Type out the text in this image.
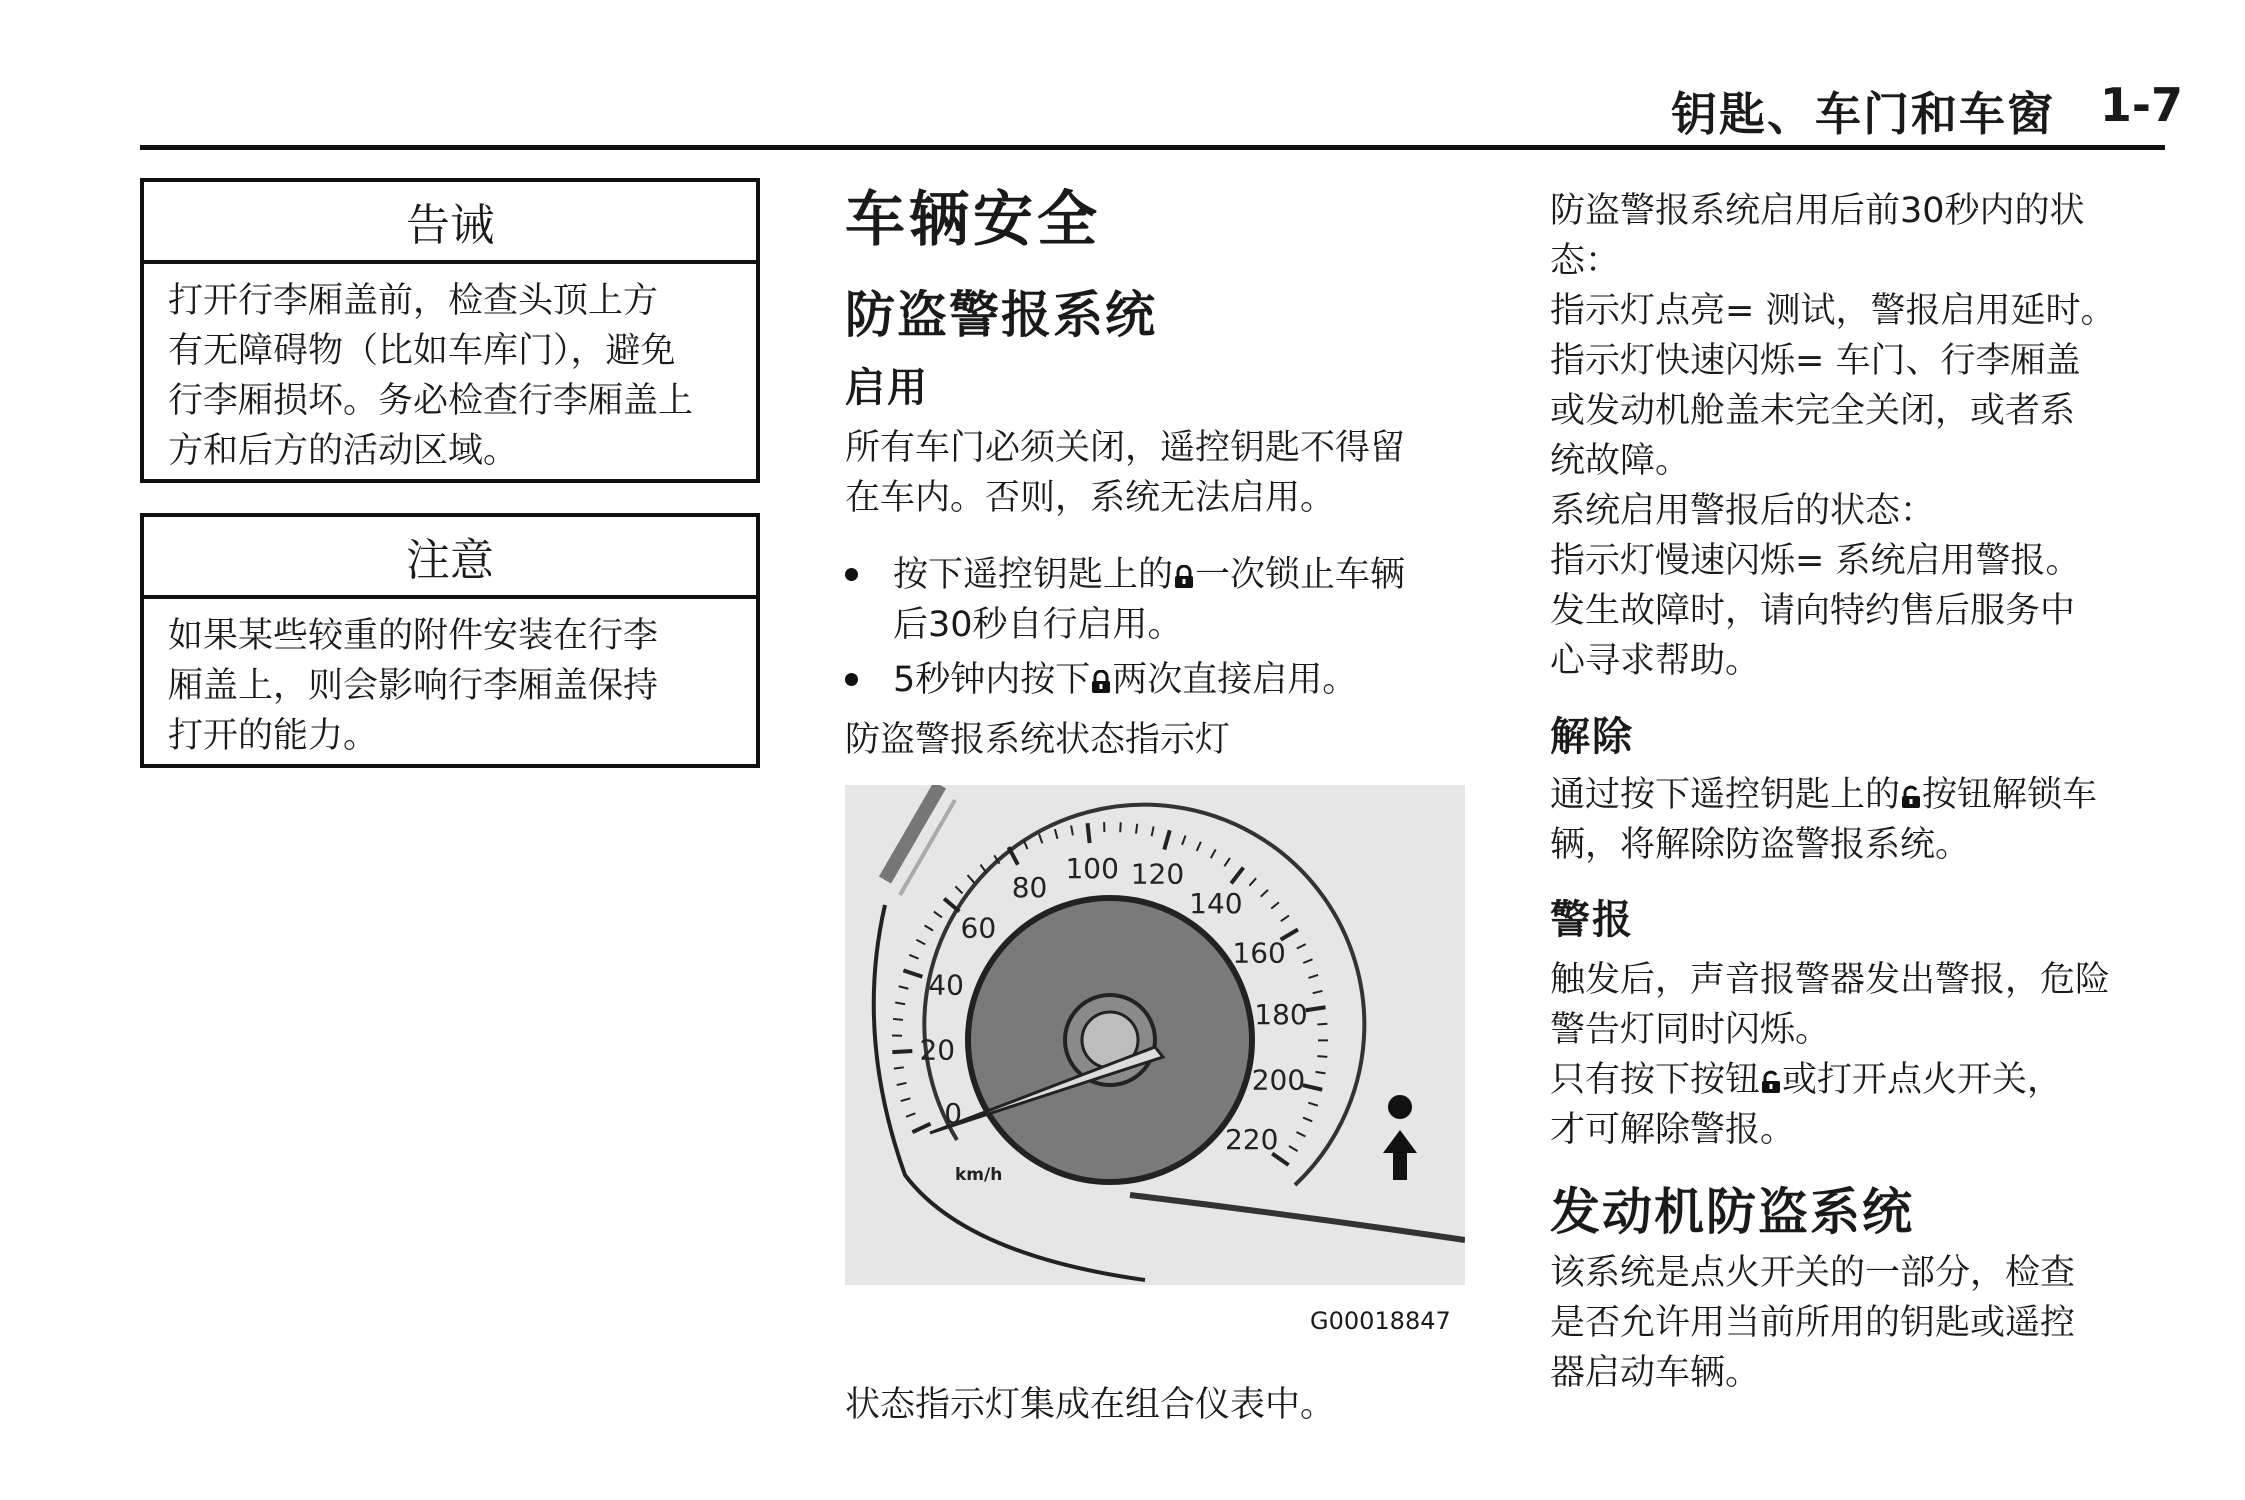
钥匙、车门和车窗 1-7
告诫

打开行李厢盖前，检查头顶上方

有无障碍物（比如车库门），避免

行李厢损坏。务必检查行李厢盖上

方和后方的活动区域。

注意

如果某些较重的附件安装在行李

厢盖上，则会影响行李厢盖保持

打开的能力。

车辆安全
防盗警报系统
启用

所有车门必须关闭，遥控钥匙不得留

在车内。否则，系统无法启用。

按下遥控钥匙上的 一次锁止车辆

后30秒自行启用。

5秒钟内按下 两次直接启用。

防盗警报系统状态指示灯
0
20
40
60
80
100 120
140
160
180
200
220
km/h
G00018847
状态指示灯集成在组合仪表中。

防盗警报系统启用后前30秒内的状

态：

指示灯点亮= 测试，警报启用延时。

指示灯快速闪烁= 车门、行李厢盖

或发动机舱盖未完全关闭，或者系

统故障。

系统启用警报后的状态：

指示灯慢速闪烁= 系统启用警报。

发生故障时，请向特约售后服务中

心寻求帮助。

解除

通过按下遥控钥匙上的 按钮解锁车

辆，将解除防盗警报系统。

警报

触发后，声音报警器发出警报，危险

警告灯同时闪烁。

只有按下按钮 或打开点火开关，

才可解除警报。

发动机防盗系统

该系统是点火开关的一部分，检查

是否允许用当前所用的钥匙或遥控

器启动车辆。
